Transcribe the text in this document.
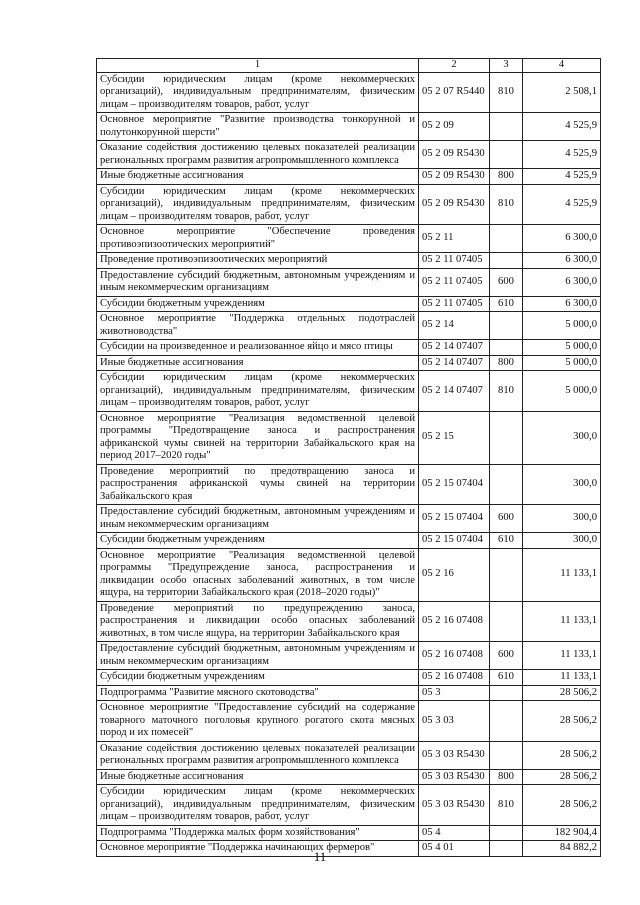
1	2	3	4
Субсидии юридическим лицам (кроме некоммерческих организаций), индивидуальным предпринимателям, физическим лицам – производителям товаров, работ, услуг	05 2 07 R5440	810	2 508,1
Основное мероприятие "Развитие производства тонкорунной и полутонкорунной шерсти"	05 2 09		4 525,9
Оказание содействия достижению целевых показателей реализации региональных программ развития агропромышленного комплекса	05 2 09 R5430		4 525,9
Иные бюджетные ассигнования	05 2 09 R5430	800	4 525,9
Субсидии юридическим лицам (кроме некоммерческих организаций), индивидуальным предпринимателям, физическим лицам – производителям товаров, работ, услуг	05 2 09 R5430	810	4 525,9
Основное мероприятие "Обеспечение проведения противоэпизоотических мероприятий"	05 2 11		6 300,0
Проведение противоэпизоотических мероприятий	05 2 11 07405		6 300,0
Предоставление субсидий бюджетным, автономным учреждениям и иным некоммерческим организациям	05 2 11 07405	600	6 300,0
Субсидии бюджетным учреждениям	05 2 11 07405	610	6 300,0
Основное мероприятие "Поддержка отдельных подотраслей животноводства"	05 2 14		5 000,0
Субсидии на произведенное и реализованное яйцо и мясо птицы	05 2 14 07407		5 000,0
Иные бюджетные ассигнования	05 2 14 07407	800	5 000,0
Субсидии юридическим лицам (кроме некоммерческих организаций), индивидуальным предпринимателям, физическим лицам – производителям товаров, работ, услуг	05 2 14 07407	810	5 000,0
Основное мероприятие "Реализация ведомственной целевой программы "Предотвращение заноса и распространения африканской чумы свиней на территории Забайкальского края на период 2017–2020 годы"	05 2 15		300,0
Проведение мероприятий по предотвращению заноса и распространения африканской чумы свиней на территории Забайкальского края	05 2 15 07404		300,0
Предоставление субсидий бюджетным, автономным учреждениям и иным некоммерческим организациям	05 2 15 07404	600	300,0
Субсидии бюджетным учреждениям	05 2 15 07404	610	300,0
Основное мероприятие "Реализация ведомственной целевой программы "Предупреждение заноса, распространения и ликвидации особо опасных заболеваний животных, в том числе ящура, на территории Забайкальского края (2018–2020 годы)"	05 2 16		11 133,1
Проведение мероприятий по предупреждению заноса, распространения и ликвидации особо опасных заболеваний животных, в том числе ящура, на территории Забайкальского края	05 2 16 07408		11 133,1
Предоставление субсидий бюджетным, автономным учреждениям и иным некоммерческим организациям	05 2 16 07408	600	11 133,1
Субсидии бюджетным учреждениям	05 2 16 07408	610	11 133,1
Подпрограмма "Развитие мясного скотоводства"	05 3		28 506,2
Основное мероприятие "Предоставление субсидий на содержание товарного маточного поголовья крупного рогатого скота мясных пород и их помесей"	05 3 03		28 506,2
Оказание содействия достижению целевых показателей реализации региональных программ развития агропромышленного комплекса	05 3 03 R5430		28 506,2
Иные бюджетные ассигнования	05 3 03 R5430	800	28 506,2
Субсидии юридическим лицам (кроме некоммерческих организаций), индивидуальным предпринимателям, физическим лицам – производителям товаров, работ, услуг	05 3 03 R5430	810	28 506,2
Подпрограмма "Поддержка малых форм хозяйствования"	05 4		182 904,4
Основное мероприятие "Поддержка начинающих фермеров"	05 4 01		84 882,2
11
